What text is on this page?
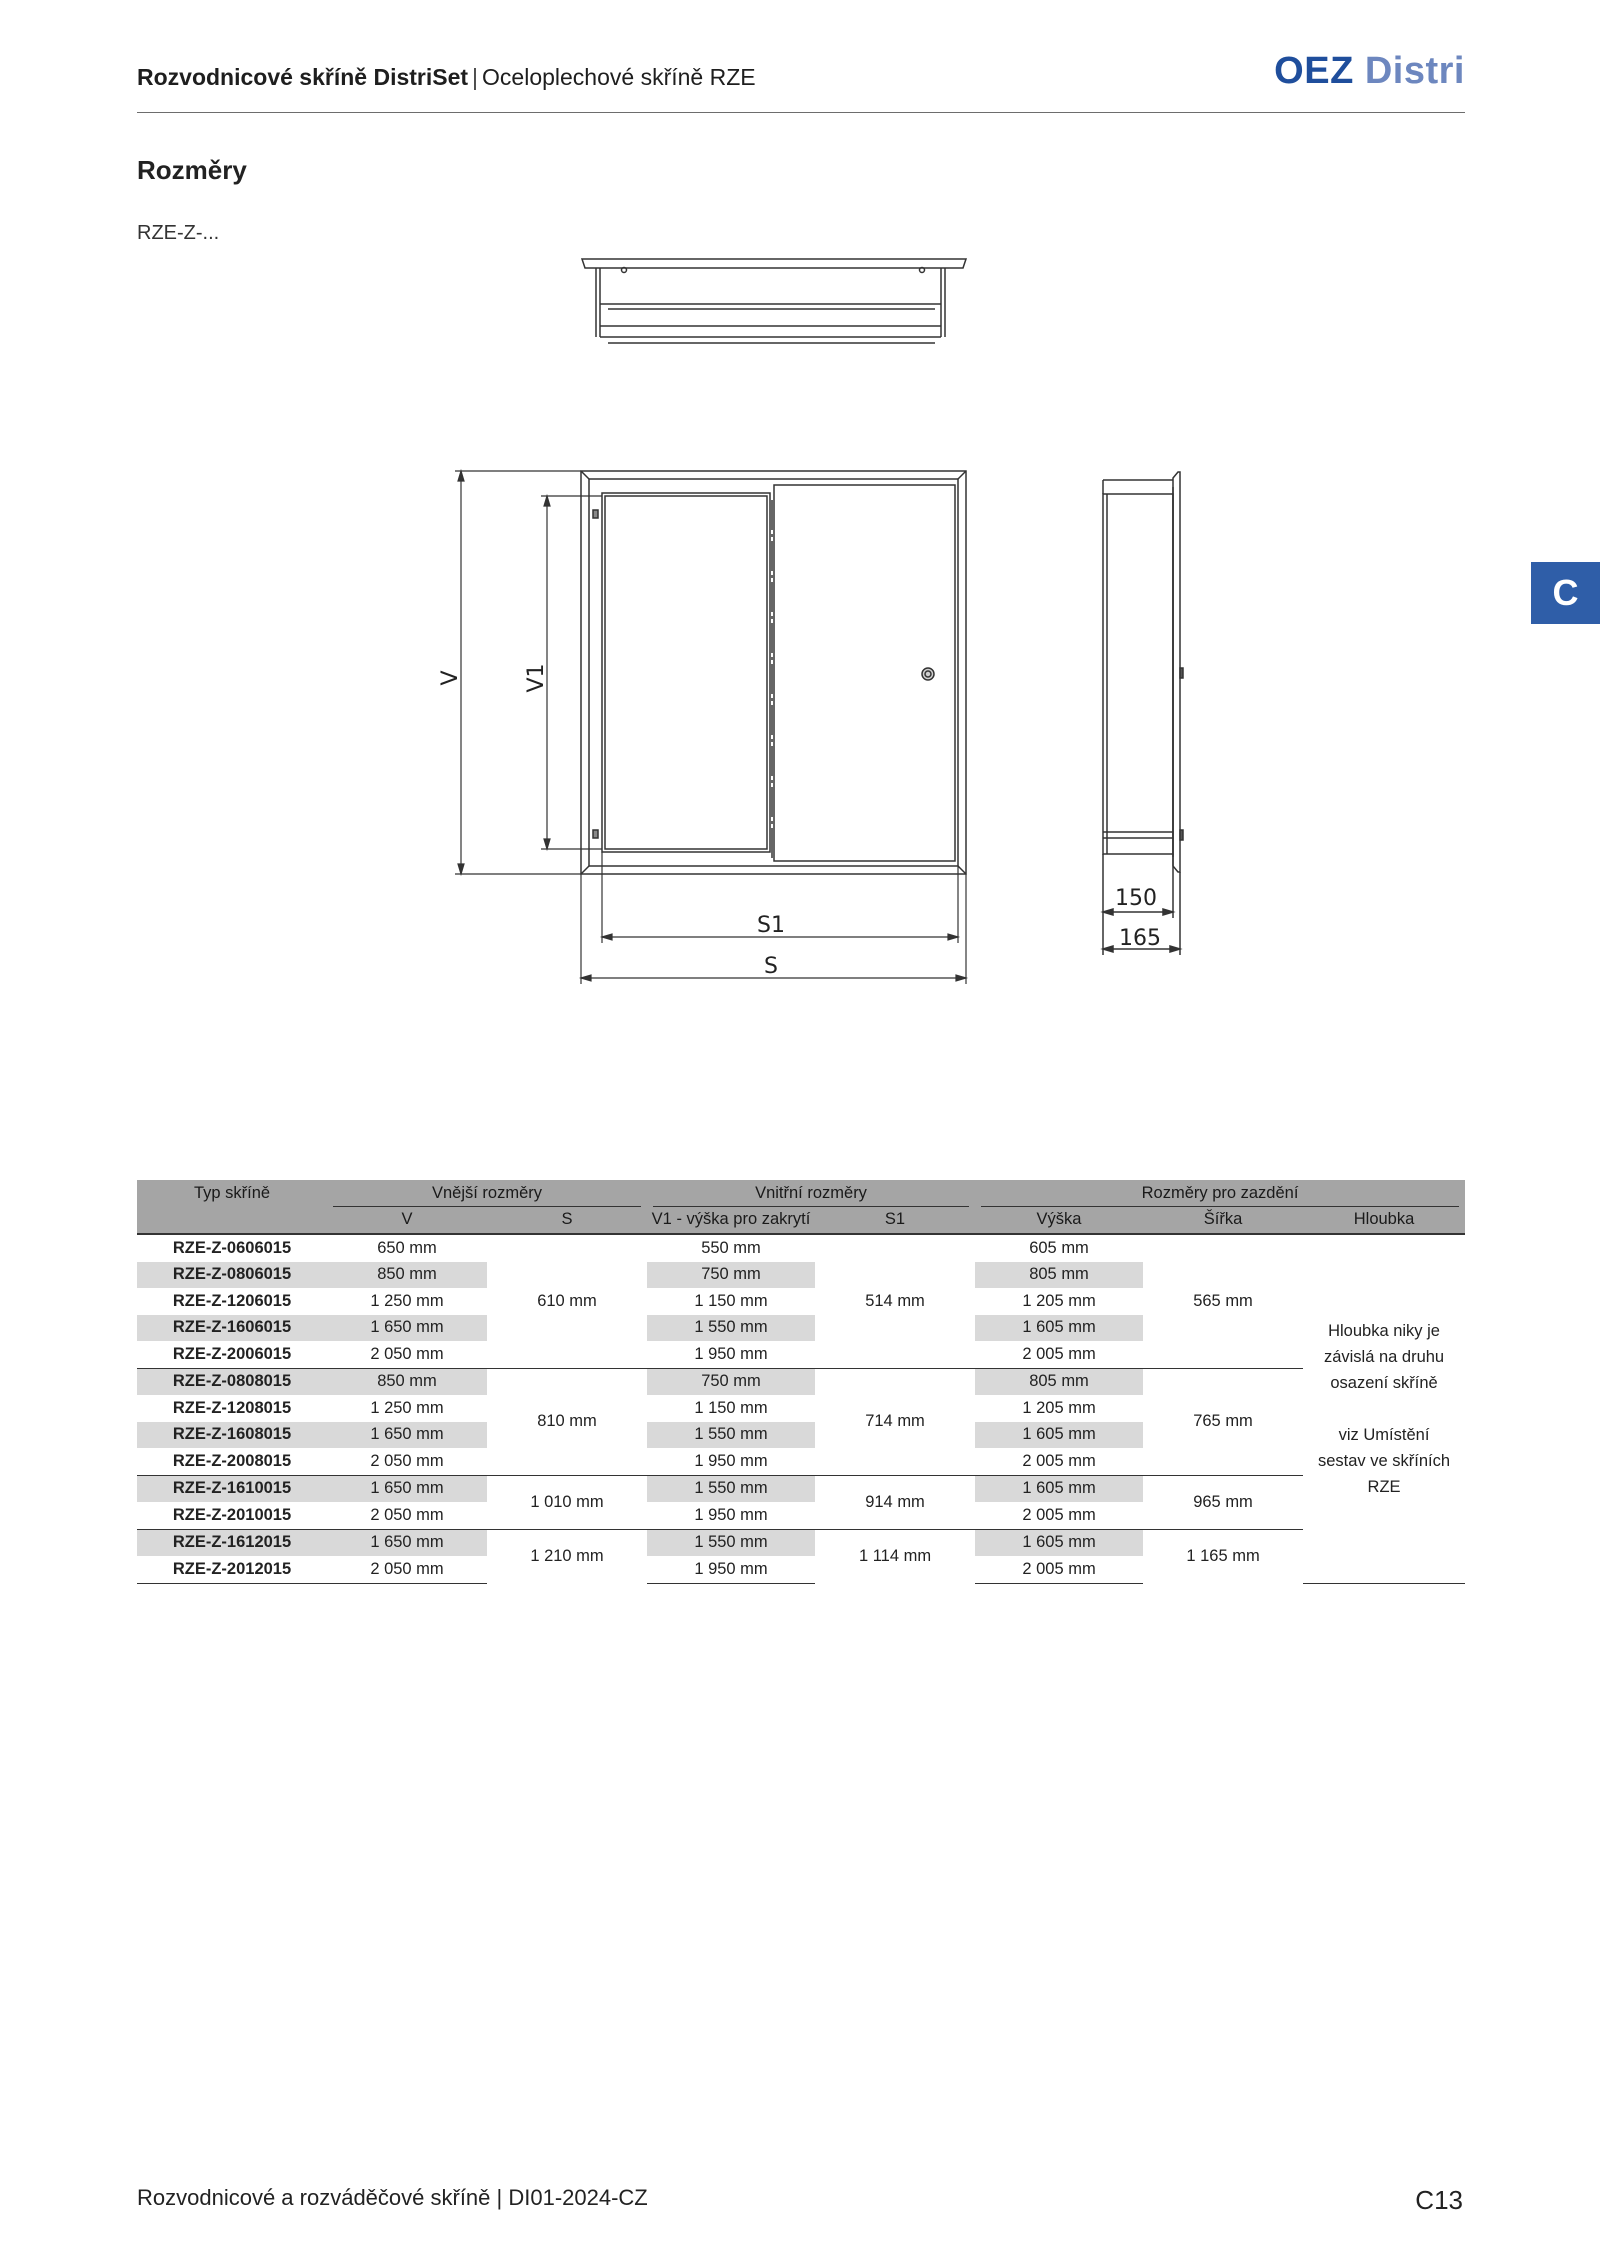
Rozvodnicové skříně DistriSet | Oceloplechové skříně RZE	OEZ Distri
Rozměry
RZE-Z-...
C
V	V1
S1
S
150
165
Typ skříně	Vnější rozměry		Vnitřní rozměry		Rozměry pro zazdění		

	V	S	V1 - výška pro zakrytí	S1	Výška	Šířka	Hloubka
RZE-Z-0606015	650 mm	610 mm	550 mm	514 mm	605 mm	565 mm	Hloubka niky je závislá na druhu osazení skříně
viz Umístění sestav ve skříních RZE

RZE-Z-0806015	850 mm		750 mm		805 mm		
RZE-Z-1206015	1 250 mm		1 150 mm		1 205 mm		
RZE-Z-1606015	1 650 mm		1 550 mm		1 605 mm		
RZE-Z-2006015	2 050 mm		1 950 mm		2 005 mm		
RZE-Z-0808015	850 mm	810 mm	750 mm	714 mm	805 mm	765 mm	
RZE-Z-1208015	1 250 mm		1 150 mm		1 205 mm		
RZE-Z-1608015	1 650 mm		1 550 mm		1 605 mm		
RZE-Z-2008015	2 050 mm		1 950 mm		2 005 mm		
RZE-Z-1610015	1 650 mm	1 010 mm	1 550 mm	914 mm	1 605 mm	965 mm	
RZE-Z-2010015	2 050 mm		1 950 mm		2 005 mm		
RZE-Z-1612015	1 650 mm	1 210 mm	1 550 mm	1 114 mm	1 605 mm	1 165 mm	
RZE-Z-2012015	2 050 mm		1 950 mm		2 005 mm		
Rozvodnicové a rozváděčové skříně | DI01-2024-CZ	C13
